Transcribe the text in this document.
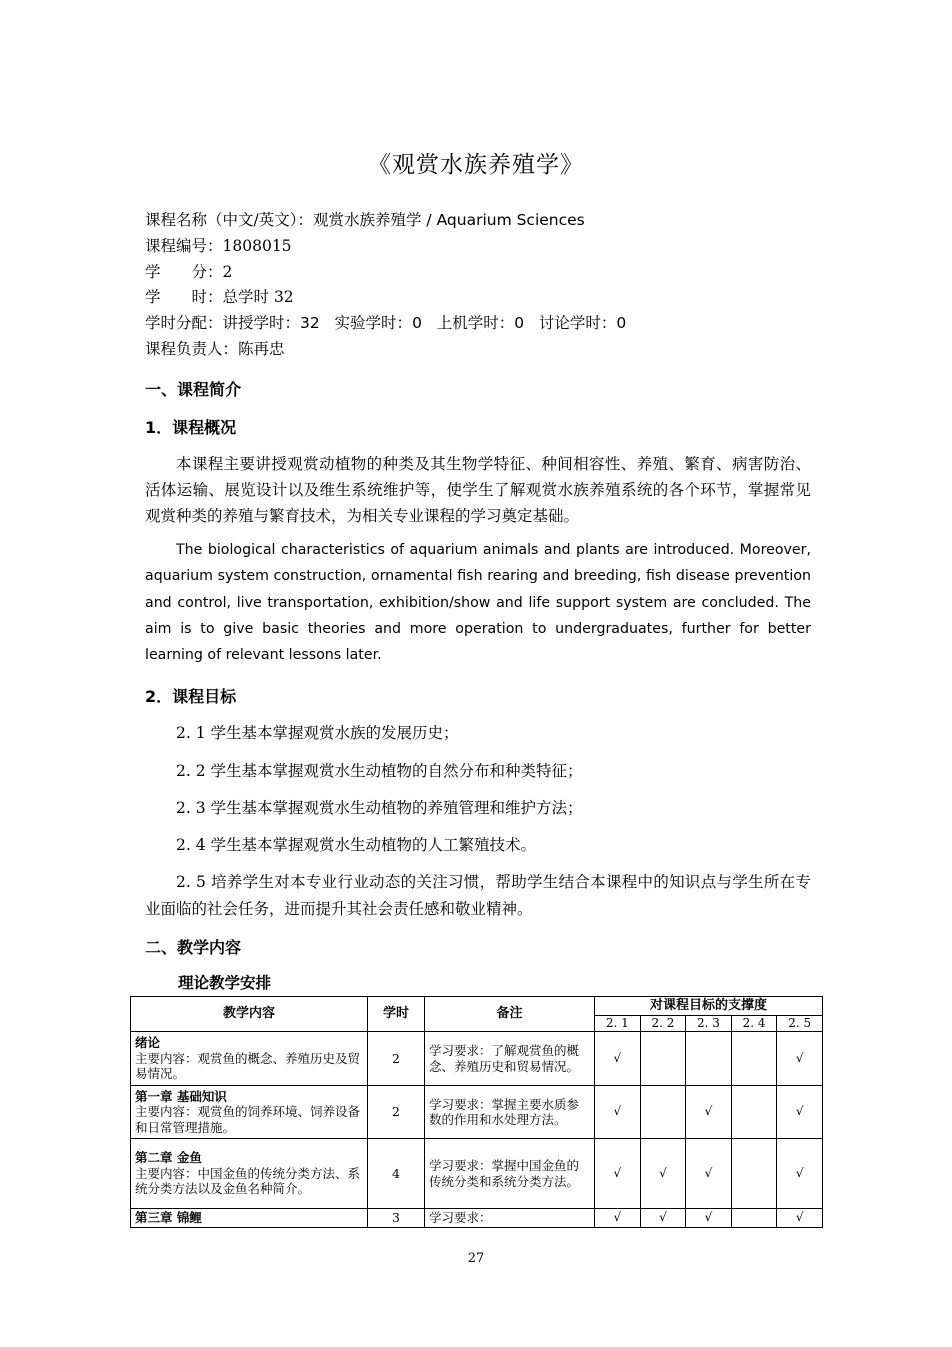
《观赏水族养殖学》
课程名称（中文/英文）：观赏水族养殖学 / Aquarium Sciences
课程编号：1808015
学　　分：2
学　　时：总学时 32
学时分配：讲授学时：32 实验学时：0 上机学时：0 讨论学时：0
课程负责人：陈再忠
一、课程简介
1．课程概况
本课程主要讲授观赏动植物的种类及其生物学特征、种间相容性、养殖、繁育、病害防治、活体运输、展览设计以及维生系统维护等，使学生了解观赏水族养殖系统的各个环节，掌握常见观赏种类的养殖与繁育技术，为相关专业课程的学习奠定基础。
The biological characteristics of aquarium animals and plants are introduced. Moreover, aquarium system construction, ornamental fish rearing and breeding, fish disease prevention and control, live transportation, exhibition/show and life support system are concluded. The aim is to give basic theories and more operation to undergraduates, further for better learning of relevant lessons later.
2．课程目标
2. 1 学生基本掌握观赏水族的发展历史；
2. 2 学生基本掌握观赏水生动植物的自然分布和种类特征；
2. 3 学生基本掌握观赏水生动植物的养殖管理和维护方法；
2. 4 学生基本掌握观赏水生动植物的人工繁殖技术。
2. 5 培养学生对本专业行业动态的关注习惯，帮助学生结合本课程中的知识点与学生所在专业面临的社会任务，进而提升其社会责任感和敬业精神。
二、教学内容
理论教学安排
教学内容	学时	备注	对课程目标的支撑度				
			2. 1	2. 2	2. 3	2. 4	2. 5

绪论
主要内容：观赏鱼的概念、养殖历史及贸易情况。	2	学习要求：了解观赏鱼的概念、养殖历史和贸易情况。	√				√

第一章 基础知识
主要内容：观赏鱼的饲养环境、饲养设备和日常管理措施。	2	学习要求：掌握主要水质参数的作用和水处理方法。	√		√		√

第二章 金鱼
主要内容：中国金鱼的传统分类方法、系统分类方法以及金鱼名种简介。	4	学习要求：掌握中国金鱼的传统分类和系统分类方法。	√	√	√		√

第三章 锦鲤	3	学习要求：	√	√	√		√
27
